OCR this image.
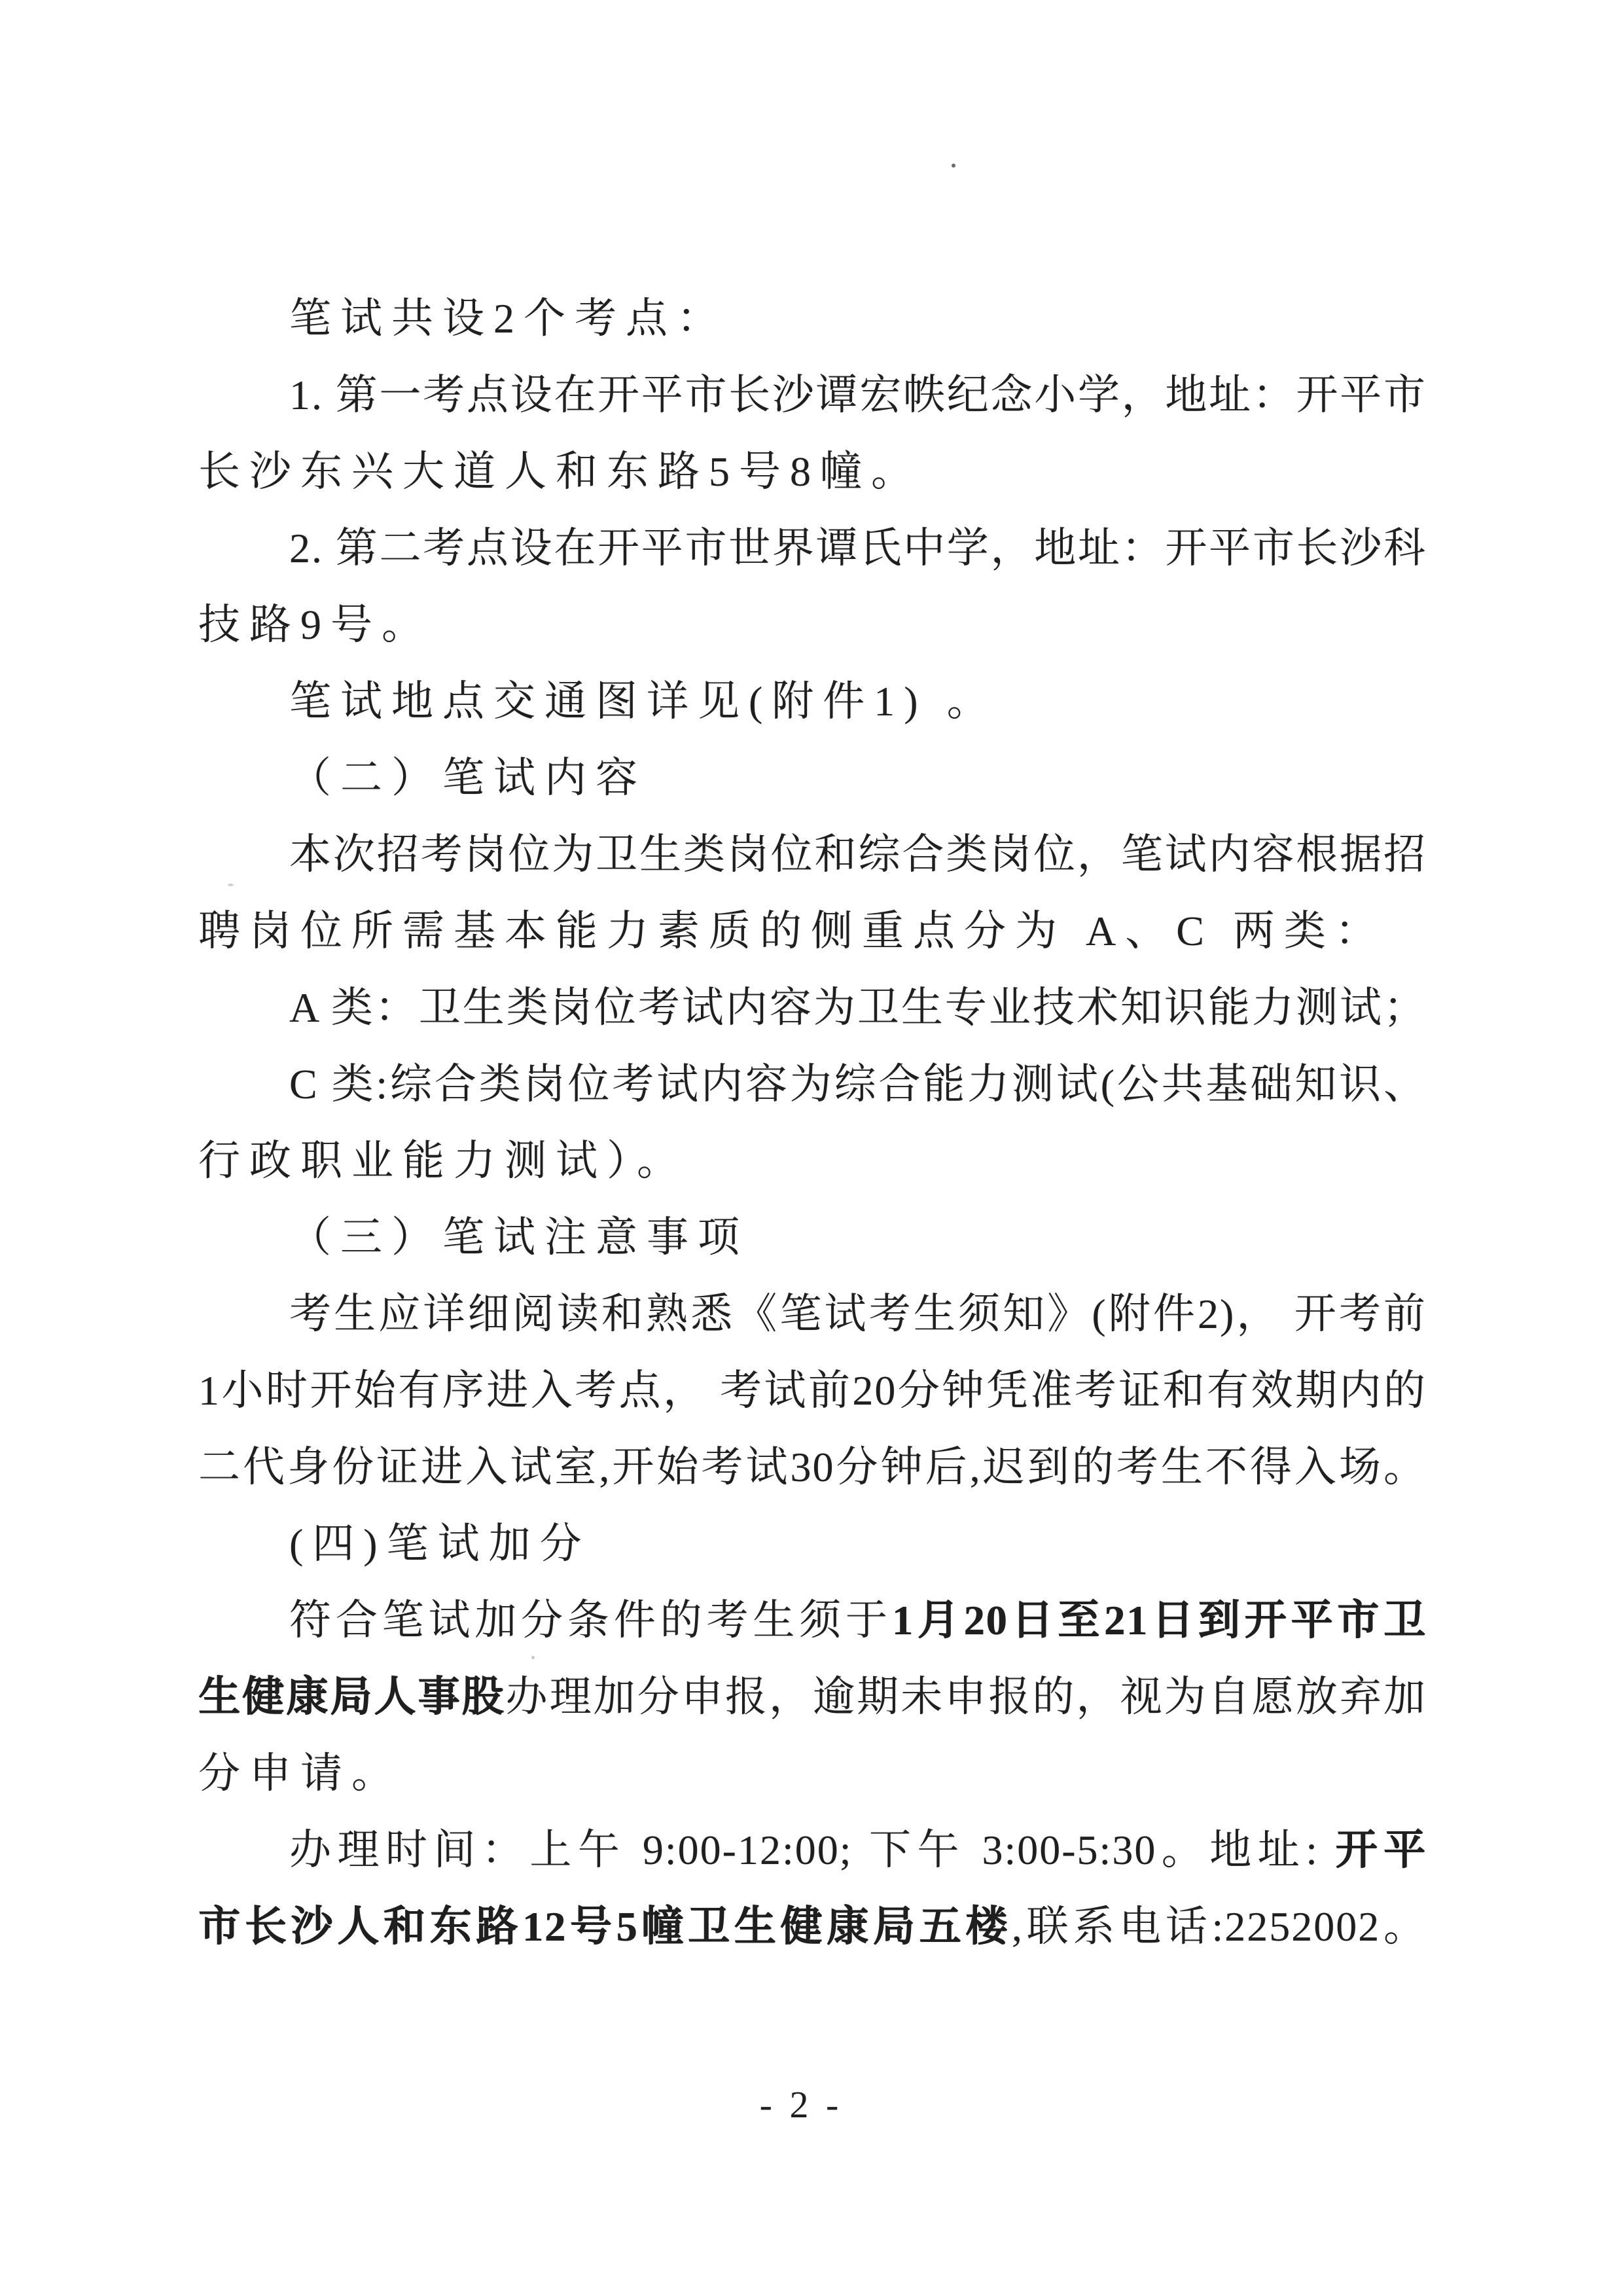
笔试共设2个考点：
1. 第一考点设在开平市长沙谭宏帙纪念小学，地址：开平市
长沙东兴大道人和东路5号8幢。
2. 第二考点设在开平市世界谭氏中学，地址：开平市长沙科
技路9号。
笔试地点交通图详见(附件1) 。
（二）笔试内容
本次招考岗位为卫生类岗位和综合类岗位，笔试内容根据招
聘岗位所需基本能力素质的侧重点分为 A、C 两类：
A 类：卫生类岗位考试内容为卫生专业技术知识能力测试；
C 类:综合类岗位考试内容为综合能力测试(公共基础知识、
行政职业能力测试）。
（三）笔试注意事项
考生应详细阅读和熟悉《笔试考生须知》(附件2)， 开考前
1小时开始有序进入考点， 考试前20分钟凭准考证和有效期内的
二代身份证进入试室,开始考试30分钟后,迟到的考生不得入场。
(四)笔试加分
符合笔试加分条件的考生须于1月20日至21日到开平市卫
生健康局人事股办理加分申报，逾期未申报的，视为自愿放弃加
分申请。
办理时间：上午 9:00-12:00; 下午 3:00-5:30。地址: 开平
市长沙人和东路12号5幢卫生健康局五楼,联系电话:2252002。
- 2 -
